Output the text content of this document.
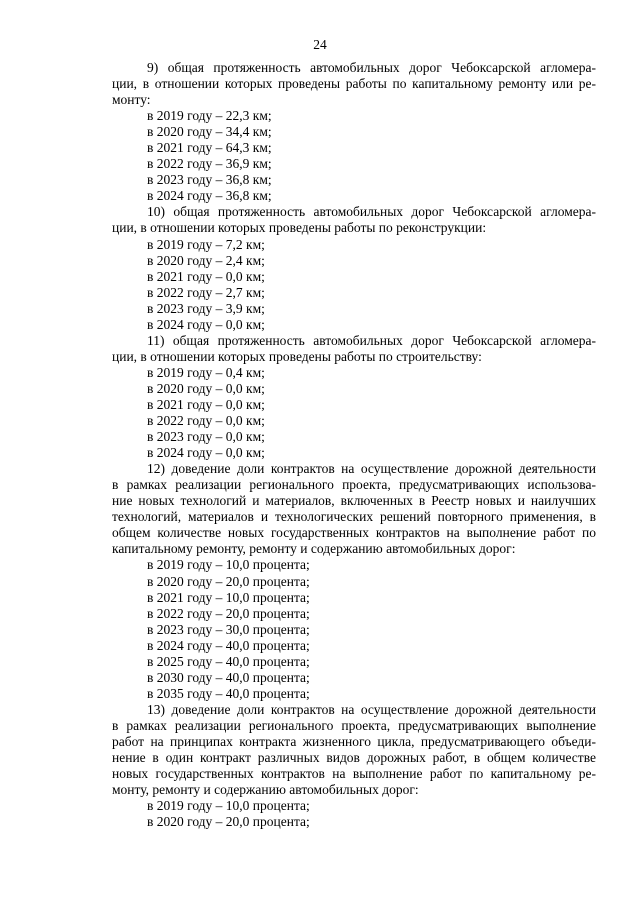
24
9) общая протяженность автомобильных дорог Чебоксарской агломера-
ции, в отношении которых проведены работы по капитальному ремонту или ре-
монту:
в 2019 году – 22,3 км;
в 2020 году – 34,4 км;
в 2021 году – 64,3 км;
в 2022 году – 36,9 км;
в 2023 году – 36,8 км;
в 2024 году – 36,8 км;
10) общая протяженность автомобильных дорог Чебоксарской агломера-
ции, в отношении которых проведены работы по реконструкции:
в 2019 году – 7,2 км;
в 2020 году – 2,4 км;
в 2021 году – 0,0 км;
в 2022 году – 2,7 км;
в 2023 году – 3,9 км;
в 2024 году – 0,0 км;
11) общая протяженность автомобильных дорог Чебоксарской агломера-
ции, в отношении которых проведены работы по строительству:
в 2019 году – 0,4 км;
в 2020 году – 0,0 км;
в 2021 году – 0,0 км;
в 2022 году – 0,0 км;
в 2023 году – 0,0 км;
в 2024 году – 0,0 км;
12) доведение доли контрактов на осуществление дорожной деятельности
в рамках реализации регионального проекта, предусматривающих использова-
ние новых технологий и материалов, включенных в Реестр новых и наилучших
технологий, материалов и технологических решений повторного применения, в
общем количестве новых государственных контрактов на выполнение работ по
капитальному ремонту, ремонту и содержанию автомобильных дорог:
в 2019 году – 10,0 процента;
в 2020 году – 20,0 процента;
в 2021 году – 10,0 процента;
в 2022 году – 20,0 процента;
в 2023 году – 30,0 процента;
в 2024 году – 40,0 процента;
в 2025 году – 40,0 процента;
в 2030 году – 40,0 процента;
в 2035 году – 40,0 процента;
13) доведение доли контрактов на осуществление дорожной деятельности
в рамках реализации регионального проекта, предусматривающих выполнение
работ на принципах контракта жизненного цикла, предусматривающего объеди-
нение в один контракт различных видов дорожных работ, в общем количестве
новых государственных контрактов на выполнение работ по капитальному ре-
монту, ремонту и содержанию автомобильных дорог:
в 2019 году – 10,0 процента;
в 2020 году – 20,0 процента;
